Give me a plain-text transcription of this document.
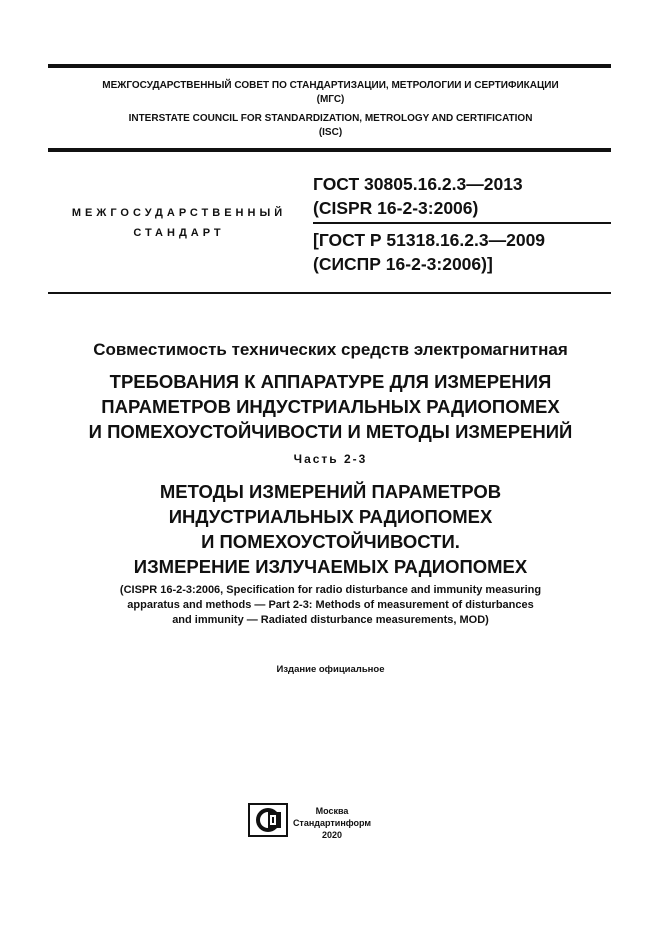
МЕЖГОСУДАРСТВЕННЫЙ СОВЕТ ПО СТАНДАРТИЗАЦИИ, МЕТРОЛОГИИ И СЕРТИФИКАЦИИ
(МГС)
INTERSTATE COUNCIL FOR STANDARDIZATION, METROLOGY AND CERTIFICATION
(ISC)
МЕЖГОСУДАРСТВЕННЫЙ
СТАНДАРТ
ГОСТ 30805.16.2.3—2013
(CISPR 16-2-3:2006)
[ГОСТ Р 51318.16.2.3—2009
(СИСПР 16-2-3:2006)]
Совместимость технических средств электромагнитная
ТРЕБОВАНИЯ К АППАРАТУРЕ ДЛЯ ИЗМЕРЕНИЯ
ПАРАМЕТРОВ ИНДУСТРИАЛЬНЫХ РАДИОПОМЕХ
И ПОМЕХОУСТОЙЧИВОСТИ И МЕТОДЫ ИЗМЕРЕНИЙ
Часть 2-3
МЕТОДЫ ИЗМЕРЕНИЙ ПАРАМЕТРОВ
ИНДУСТРИАЛЬНЫХ РАДИОПОМЕХ
И ПОМЕХОУСТОЙЧИВОСТИ.
ИЗМЕРЕНИЕ ИЗЛУЧАЕМЫХ РАДИОПОМЕХ
(CISPR 16-2-3:2006, Specification for radio disturbance and immunity measuring
apparatus and methods — Part 2-3: Methods of measurement of disturbances
and immunity — Radiated disturbance measurements, MOD)
Издание официальное
Москва
Стандартинформ
2020
